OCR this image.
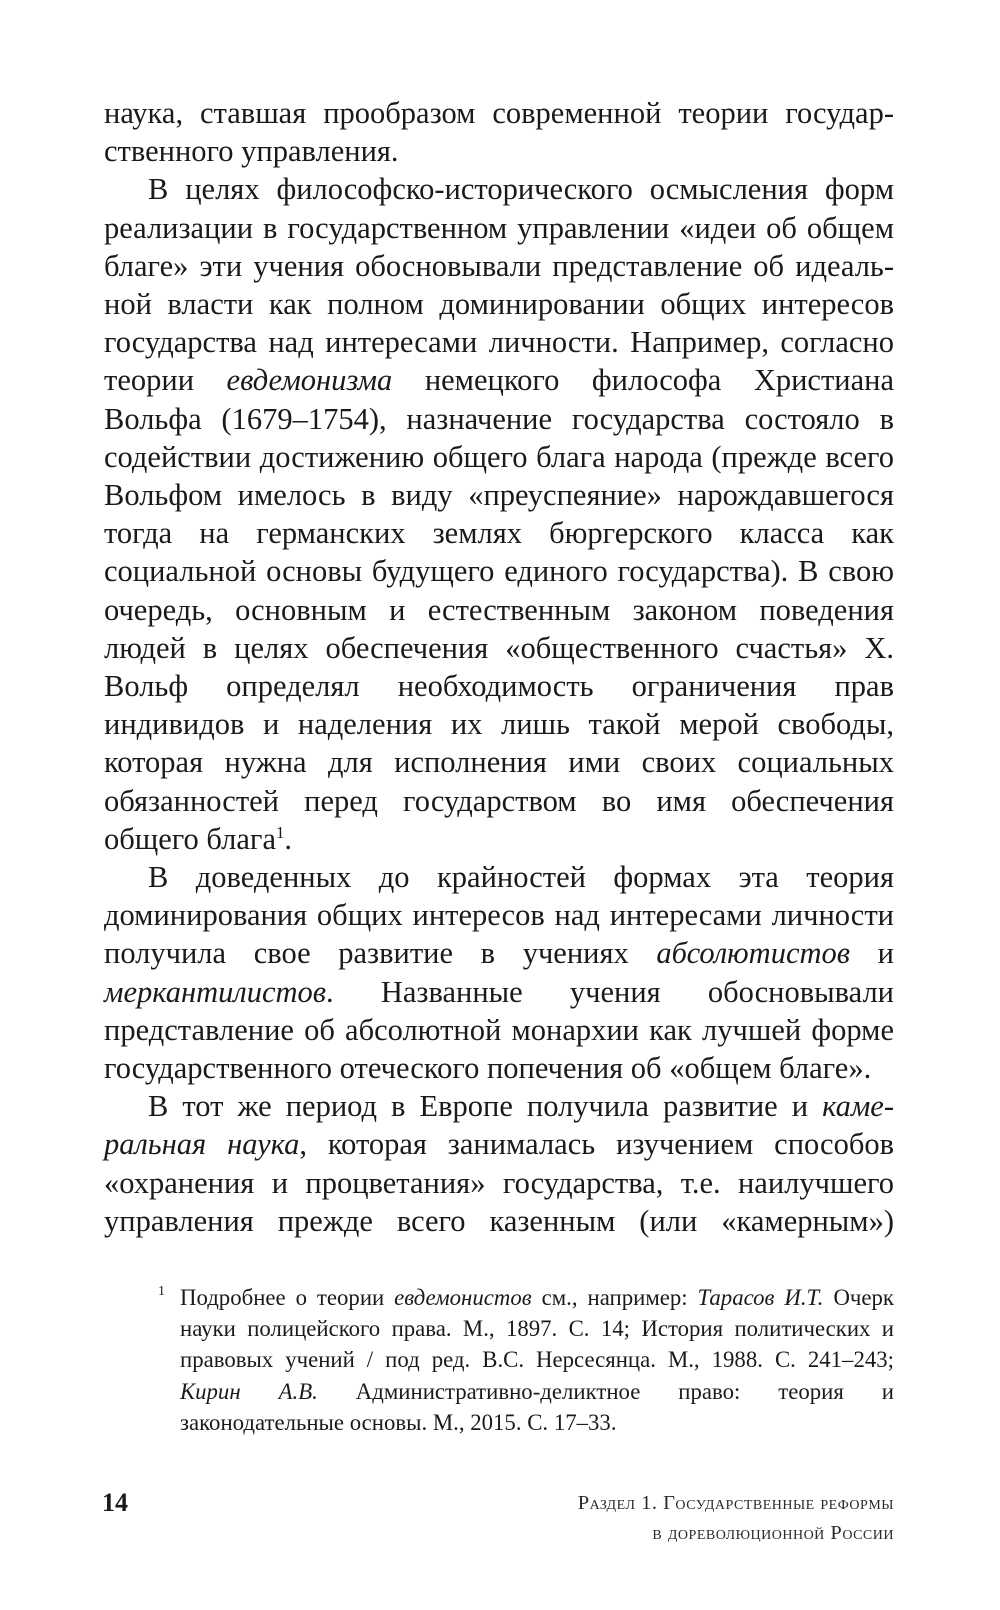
наука, ставшая прообразом современной теории государственного управления.

В целях философско-исторического осмысления форм реализации в государственном управлении «идеи об общем благе» эти учения обосновывали представление об идеальной власти как полном доминировании общих интересов государства над интересами личности. Например, согласно теории евдемонизма немецкого философа Христиана Вольфа (1679–1754), назначение государства состояло в содействии достижению общего блага народа (прежде всего Вольфом имелось в виду «преуспеяние» нарождавшегося тогда на германских землях бюргерского класса как социальной основы будущего единого государства). В свою очередь, основным и естественным законом поведения людей в целях обеспечения «общественного счастья» Х. Вольф определял необходимость ограничения прав индивидов и наделения их лишь такой мерой свободы, которая нужна для исполнения ими своих социальных обязанностей перед государством во имя обеспечения общего блага$^1$.

В доведенных до крайностей формах эта теория доминирования общих интересов над интересами личности получила свое развитие в учениях абсолютистов и меркантилистов. Названные учения обосновывали представление об абсолютной монархии как лучшей форме государственного отеческого попечения об «общем благе».

В тот же период в Европе получила развитие и камеральная наука, которая занималась изучением способов «охранения и процветания» государства, т.е. наилучшего управления прежде всего казенным (или «камерным»)

1 Подробнее о теории евдемонистов см., например: Тарасов И.Т. Очерк науки полицейского права. М., 1897. С. 14; История политических и правовых учений / под ред. В.С. Нерсесянца. М., 1988. С. 241–243; Кирин А.В. Административно-деликтное право: теория и законодательные основы. М., 2015. С. 17–33.
14	Раздел 1. Государственные реформы
в дореволюционной России
